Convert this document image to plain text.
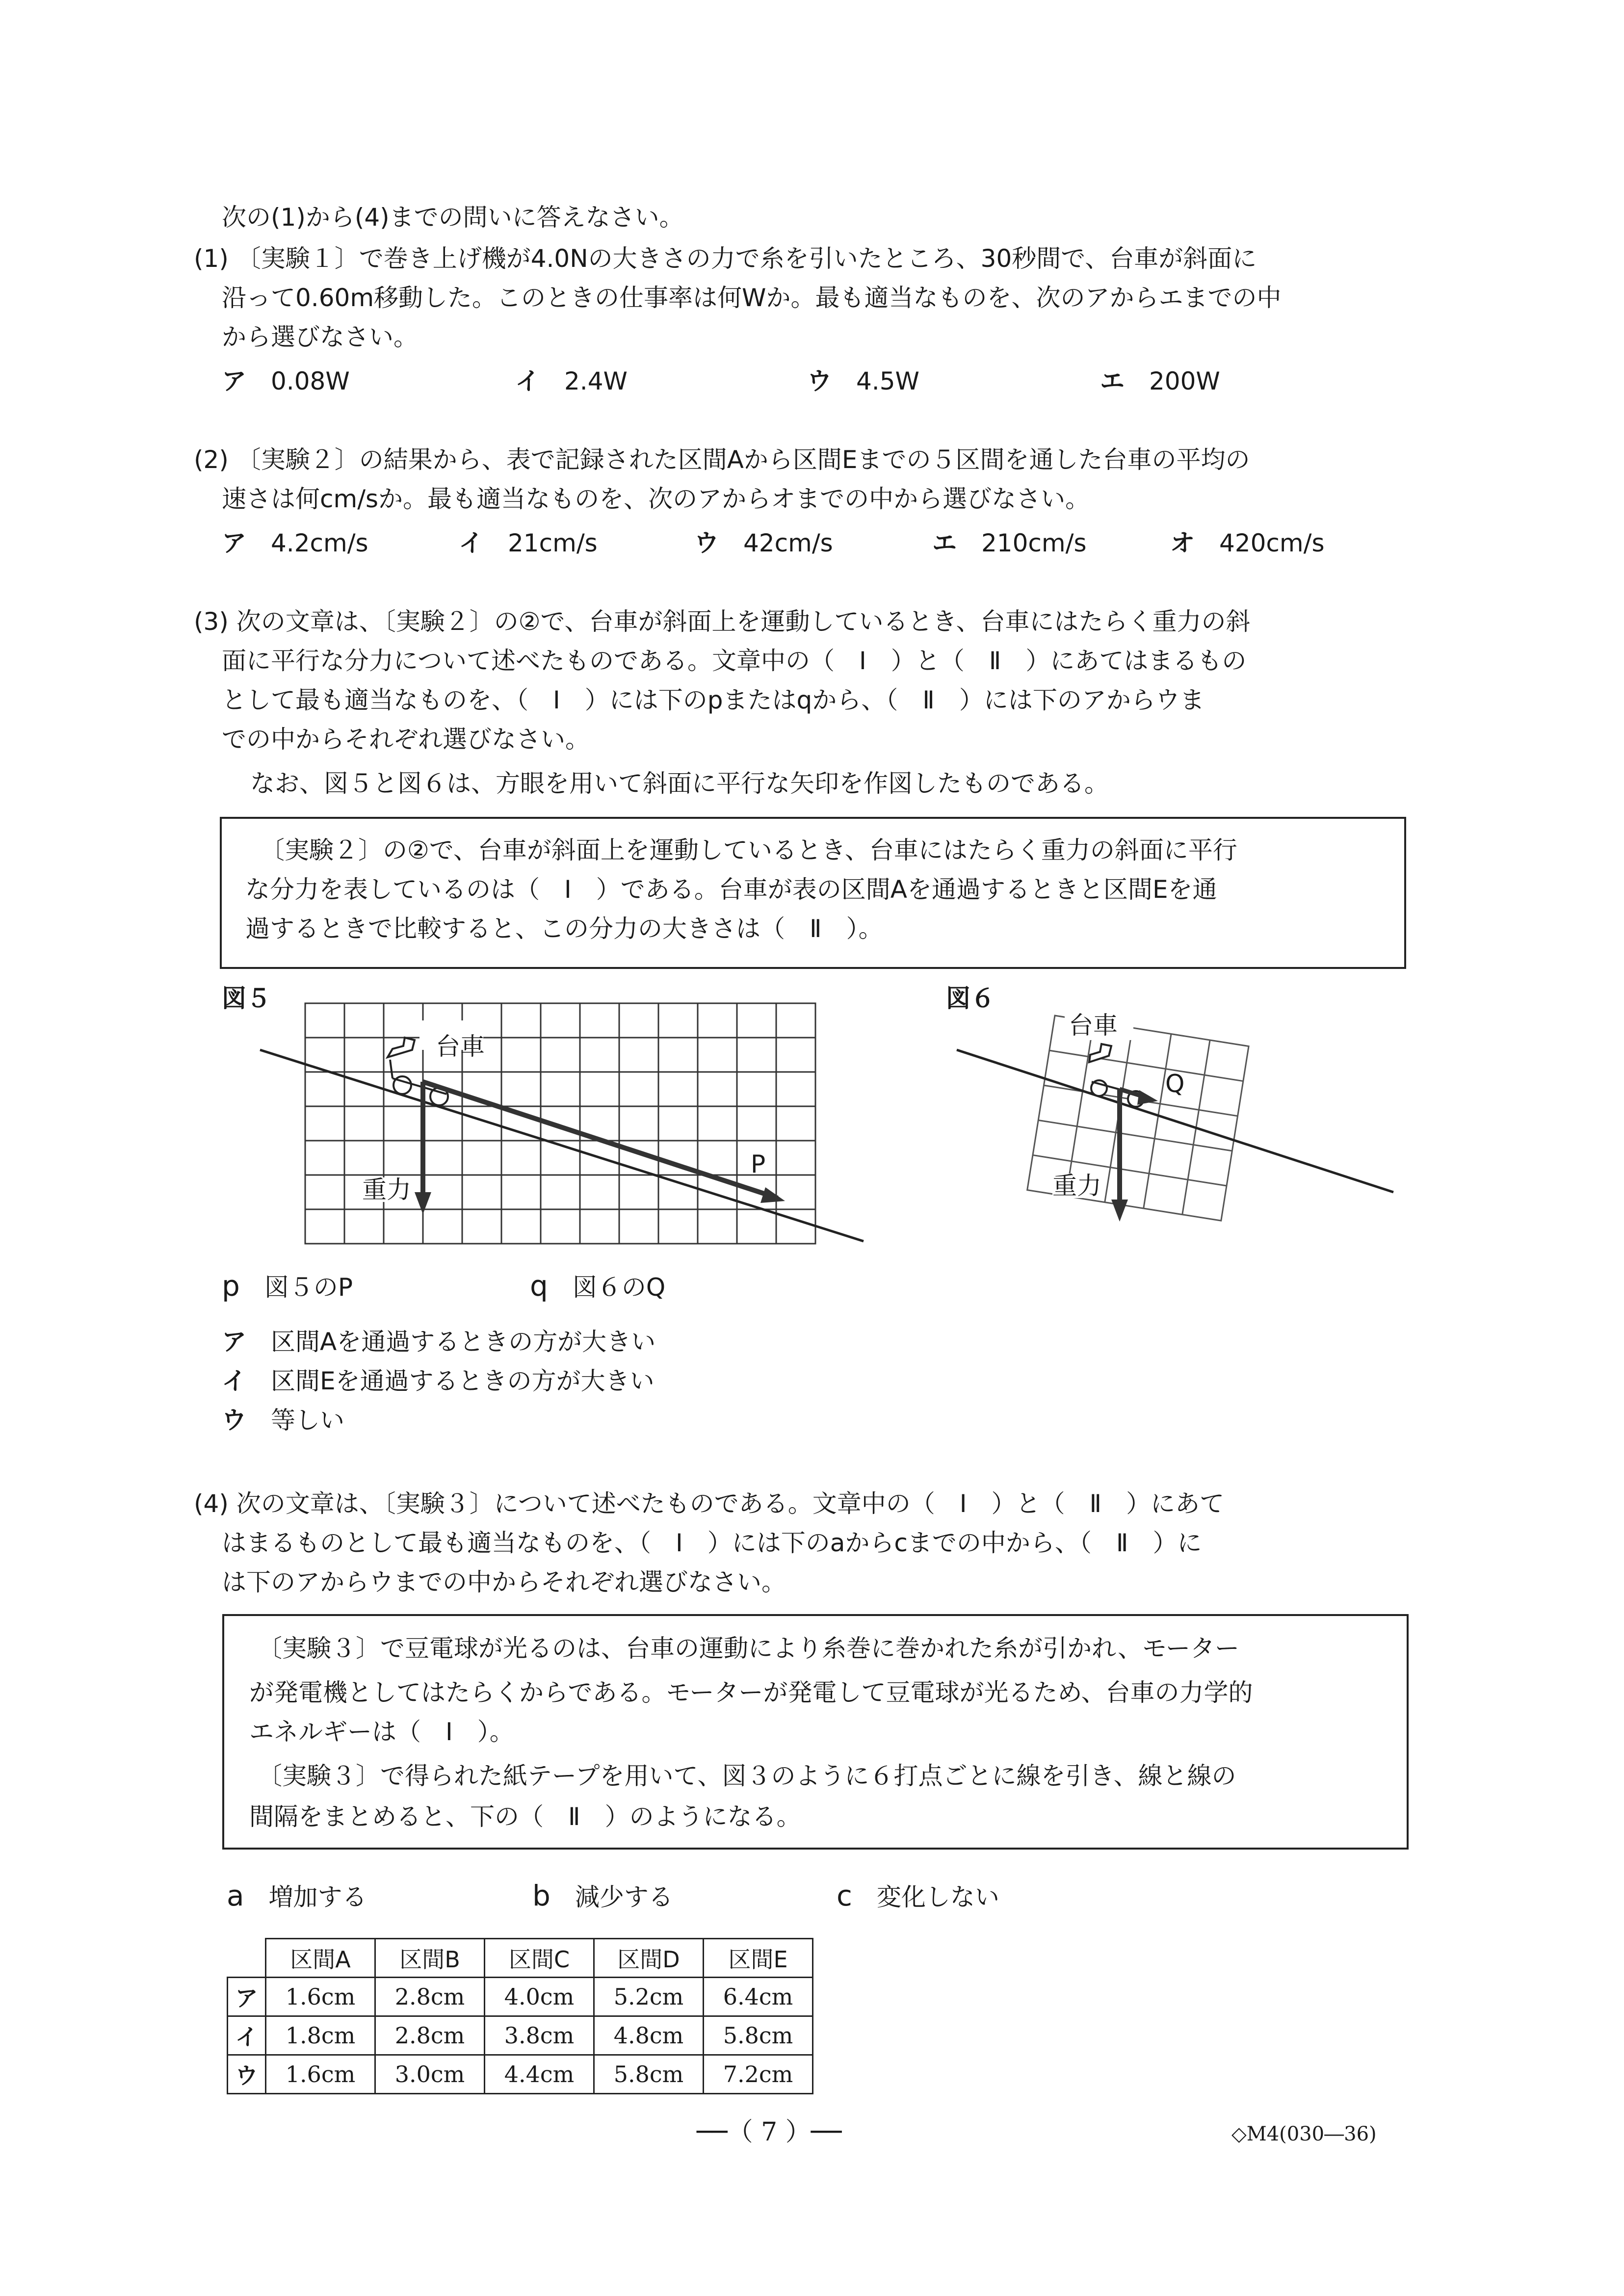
次の(1)から(4)までの問いに答えなさい。
(1) 〔実験１〕で巻き上げ機が4.0Nの大きさの力で糸を引いたところ、30秒間で、台車が斜面に
沿って0.60m移動した。このときの仕事率は何Wか。最も適当なものを、次のアからエまでの中
から選びなさい。
ア　 0.08W	イ　 2.4W	ウ　 4.5W	エ　 200W
(2) 〔実験２〕の結果から、表で記録された区間Aから区間Eまでの５区間を通した台車の平均の
速さは何cm/sか。最も適当なものを、次のアからオまでの中から選びなさい。
ア　 4.2cm/s	イ　 21cm/s	ウ　 42cm/s	エ　 210cm/s	オ　 420cm/s
(3) 次の文章は、〔実験２〕の②で、台車が斜面上を運動しているとき、台車にはたらく重力の斜
面に平行な分力について述べたものである。文章中の（　Ⅰ　）と（　Ⅱ　）にあてはまるもの
として最も適当なものを、（　Ⅰ　）には下のpまたはqから、（　Ⅱ　）には下のアからウま
での中からそれぞれ選びなさい。
なお、図５と図６は、方眼を用いて斜面に平行な矢印を作図したものである。
〔実験２〕の②で、台車が斜面上を運動しているとき、台車にはたらく重力の斜面に平行
な分力を表しているのは（　Ⅰ　）である。台車が表の区間Aを通過するときと区間Eを通
過するときで比較すると、この分力の大きさは（　Ⅱ　）。
図５
台車
重力
P
図６
台車
重力
Q
p　 図５のP	q　 図６のQ
ア　 区間Aを通過するときの方が大きい
イ　 区間Eを通過するときの方が大きい
ウ　 等しい
(4) 次の文章は、〔実験３〕について述べたものである。文章中の（　Ⅰ　）と（　Ⅱ　）にあて
はまるものとして最も適当なものを、（　Ⅰ　）には下のaからcまでの中から、（　Ⅱ　）に
は下のアからウまでの中からそれぞれ選びなさい。
〔実験３〕で豆電球が光るのは、台車の運動により糸巻に巻かれた糸が引かれ、モーター
が発電機としてはたらくからである。モーターが発電して豆電球が光るため、台車の力学的
エネルギーは（　Ⅰ　）。
〔実験３〕で得られた紙テープを用いて、図３のように６打点ごとに線を引き、線と線の
間隔をまとめると、下の（　Ⅱ　）のようになる。
a　 増加する	b　 減少する	c　 変化しない
	区間A	区間B	区間C	区間D	区間E
ア	1.6cm	2.8cm	4.0cm	5.2cm	6.4cm
イ	1.8cm	2.8cm	3.8cm	4.8cm	5.8cm
ウ	1.6cm	3.0cm	4.4cm	5.8cm	7.2cm
──（ 7 ）──	◇M4(030―36)
